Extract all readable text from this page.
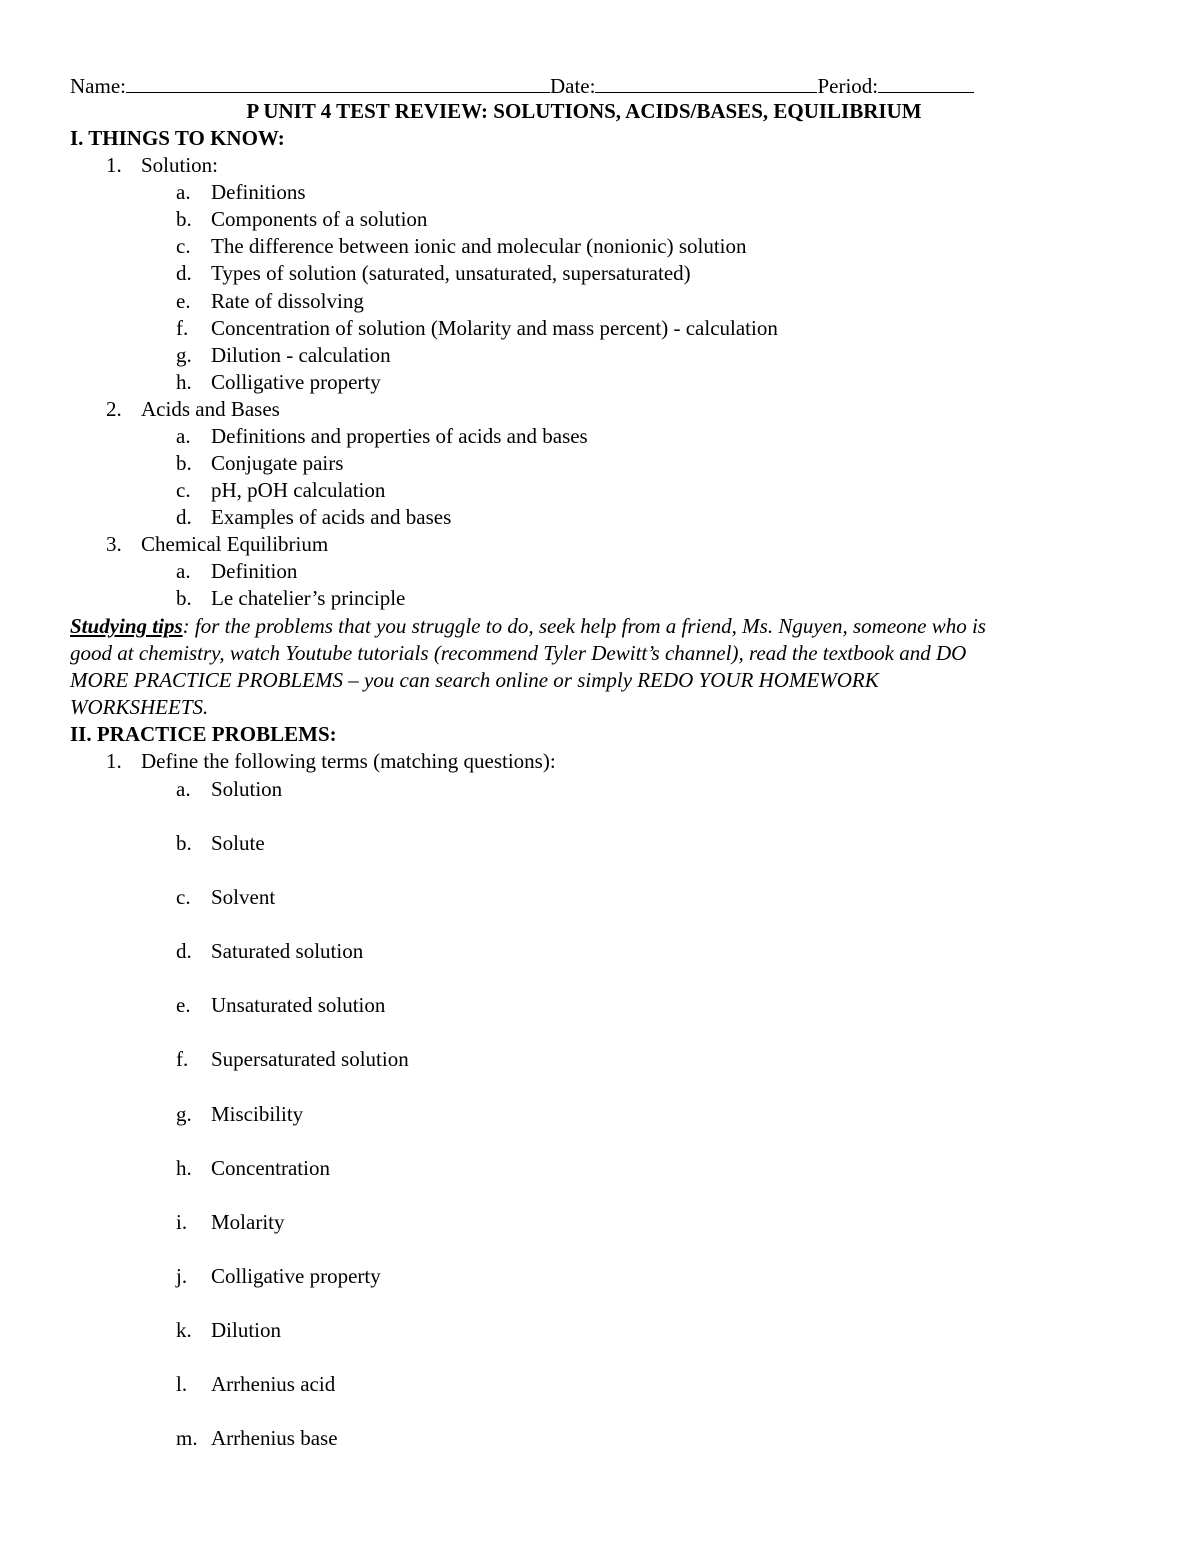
Name:	Date:	Period:
P UNIT 4 TEST REVIEW: SOLUTIONS, ACIDS/BASES, EQUILIBRIUM
I. THINGS TO KNOW:
1. Solution:
a. Definitions
b. Components of a solution
c. The difference between ionic and molecular (nonionic) solution
d. Types of solution (saturated, unsaturated, supersaturated)
e. Rate of dissolving
f. Concentration of solution (Molarity and mass percent) - calculation
g. Dilution - calculation
h. Colligative property
2. Acids and Bases
a. Definitions and properties of acids and bases
b. Conjugate pairs
c. pH, pOH calculation
d. Examples of acids and bases
3. Chemical Equilibrium
a. Definition
b. Le chatelier’s principle
Studying tips: for the problems that you struggle to do, seek help from a friend, Ms. Nguyen, someone who is
good at chemistry, watch Youtube tutorials (recommend Tyler Dewitt’s channel), read the textbook and DO
MORE PRACTICE PROBLEMS – you can search online or simply REDO YOUR HOMEWORK
WORKSHEETS.
II. PRACTICE PROBLEMS:
1. Define the following terms (matching questions):
a. Solution
b. Solute
c. Solvent
d. Saturated solution
e. Unsaturated solution
f. Supersaturated solution
g. Miscibility
h. Concentration
i. Molarity
j. Colligative property
k. Dilution
l. Arrhenius acid
m. Arrhenius base
